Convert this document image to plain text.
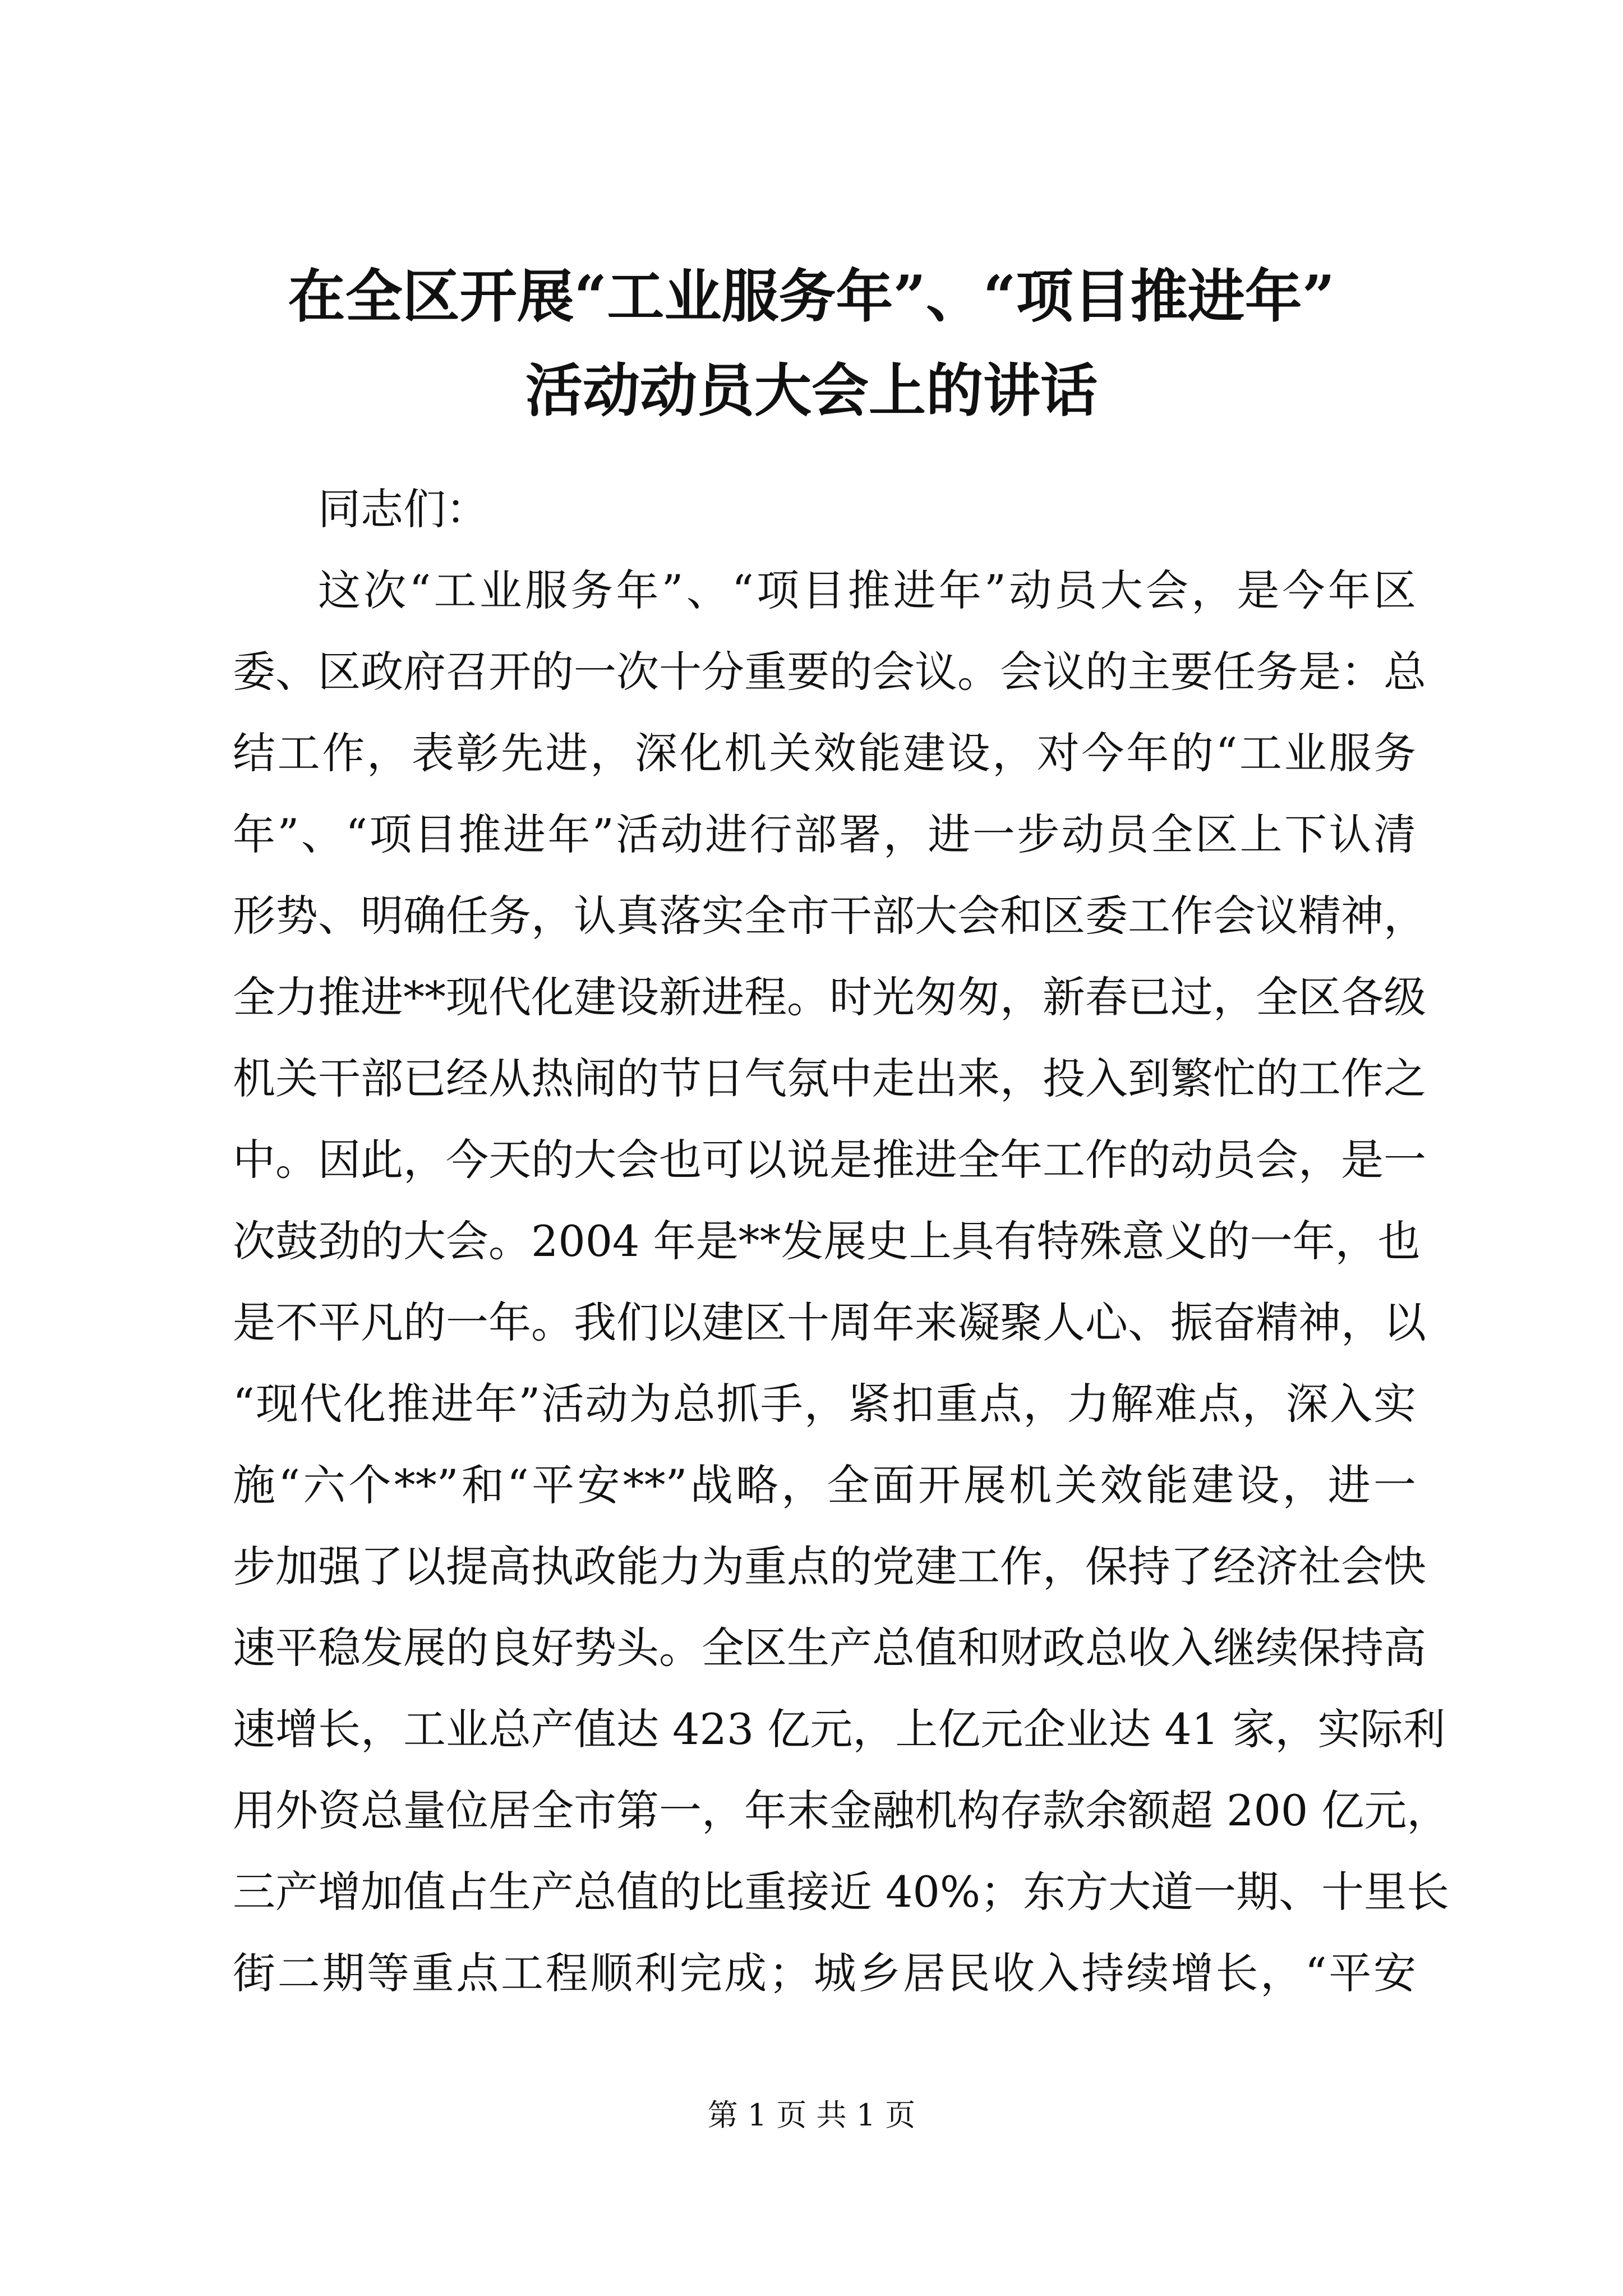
在全区开展“工业服务年”、“项目推进年”
活动动员大会上的讲话
同志们：
这次“工业服务年”、“项目推进年”动员大会，是今年区
委、区政府召开的一次十分重要的会议。会议的主要任务是：总
结工作，表彰先进，深化机关效能建设，对今年的“工业服务
年”、“项目推进年”活动进行部署，进一步动员全区上下认清
形势、明确任务，认真落实全市干部大会和区委工作会议精神，
全力推进**现代化建设新进程。时光匆匆，新春已过，全区各级
机关干部已经从热闹的节日气氛中走出来，投入到繁忙的工作之
中。因此，今天的大会也可以说是推进全年工作的动员会，是一
次鼓劲的大会。2004 年是**发展史上具有特殊意义的一年，也
是不平凡的一年。我们以建区十周年来凝聚人心、振奋精神，以
“现代化推进年”活动为总抓手，紧扣重点，力解难点，深入实
施“六个**”和“平安**”战略，全面开展机关效能建设，进一
步加强了以提高执政能力为重点的党建工作，保持了经济社会快
速平稳发展的良好势头。全区生产总值和财政总收入继续保持高
速增长，工业总产值达 423 亿元，上亿元企业达 41 家，实际利
用外资总量位居全市第一，年末金融机构存款余额超 200 亿元，
三产增加值占生产总值的比重接近 40%；东方大道一期、十里长
街二期等重点工程顺利完成；城乡居民收入持续增长，“平安
第 1 页 共 1 页
